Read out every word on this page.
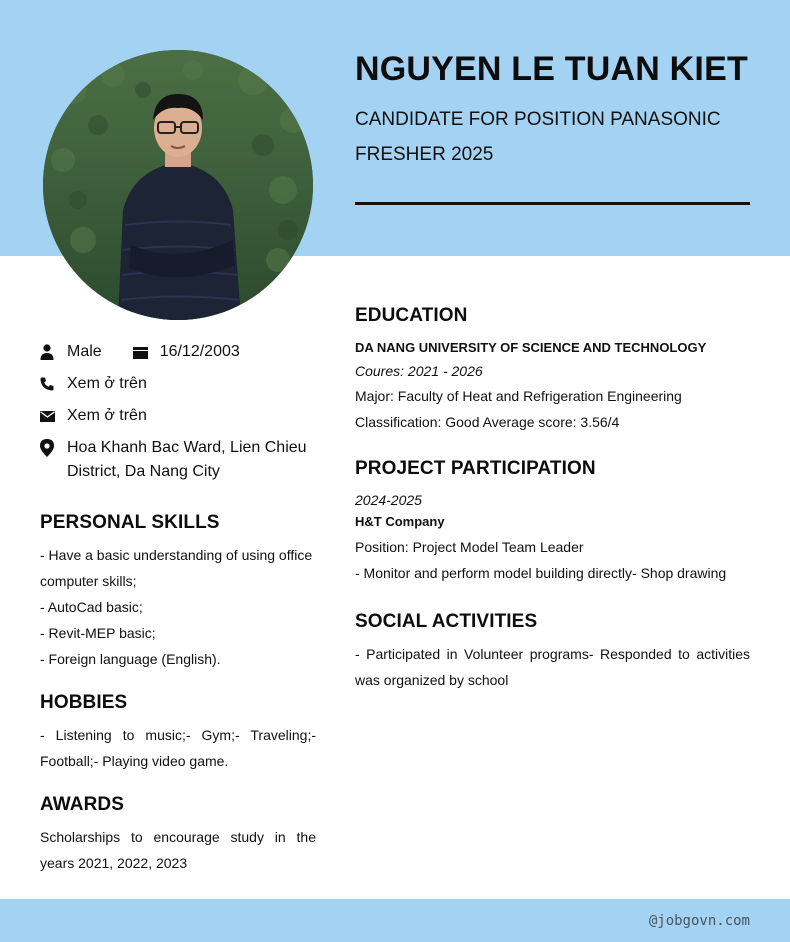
NGUYEN LE TUAN KIET
CANDIDATE FOR POSITION PANASONIC FRESHER 2025
Male	16/12/2003
Xem ở trên
Xem ở trên
Hoa Khanh Bac Ward, Lien Chieu District, Da Nang City
PERSONAL SKILLS
- Have a basic understanding of using office computer skills;
- AutoCad basic;
- Revit-MEP basic;
- Foreign language (English).
HOBBIES
- Listening to music;- Gym;- Traveling;- Football;- Playing video game.
AWARDS
Scholarships to encourage study in the years 2021, 2022, 2023
EDUCATION
DA NANG UNIVERSITY OF SCIENCE AND TECHNOLOGY
Coures: 2021 - 2026
Major: Faculty of Heat and Refrigeration Engineering
Classification: Good Average score: 3.56/4
PROJECT PARTICIPATION
2024-2025
H&T Company
Position: Project Model Team Leader
- Monitor and perform model building directly- Shop drawing
SOCIAL ACTIVITIES
- Participated in Volunteer programs- Responded to activities was organized by school
@jobgovn.com
